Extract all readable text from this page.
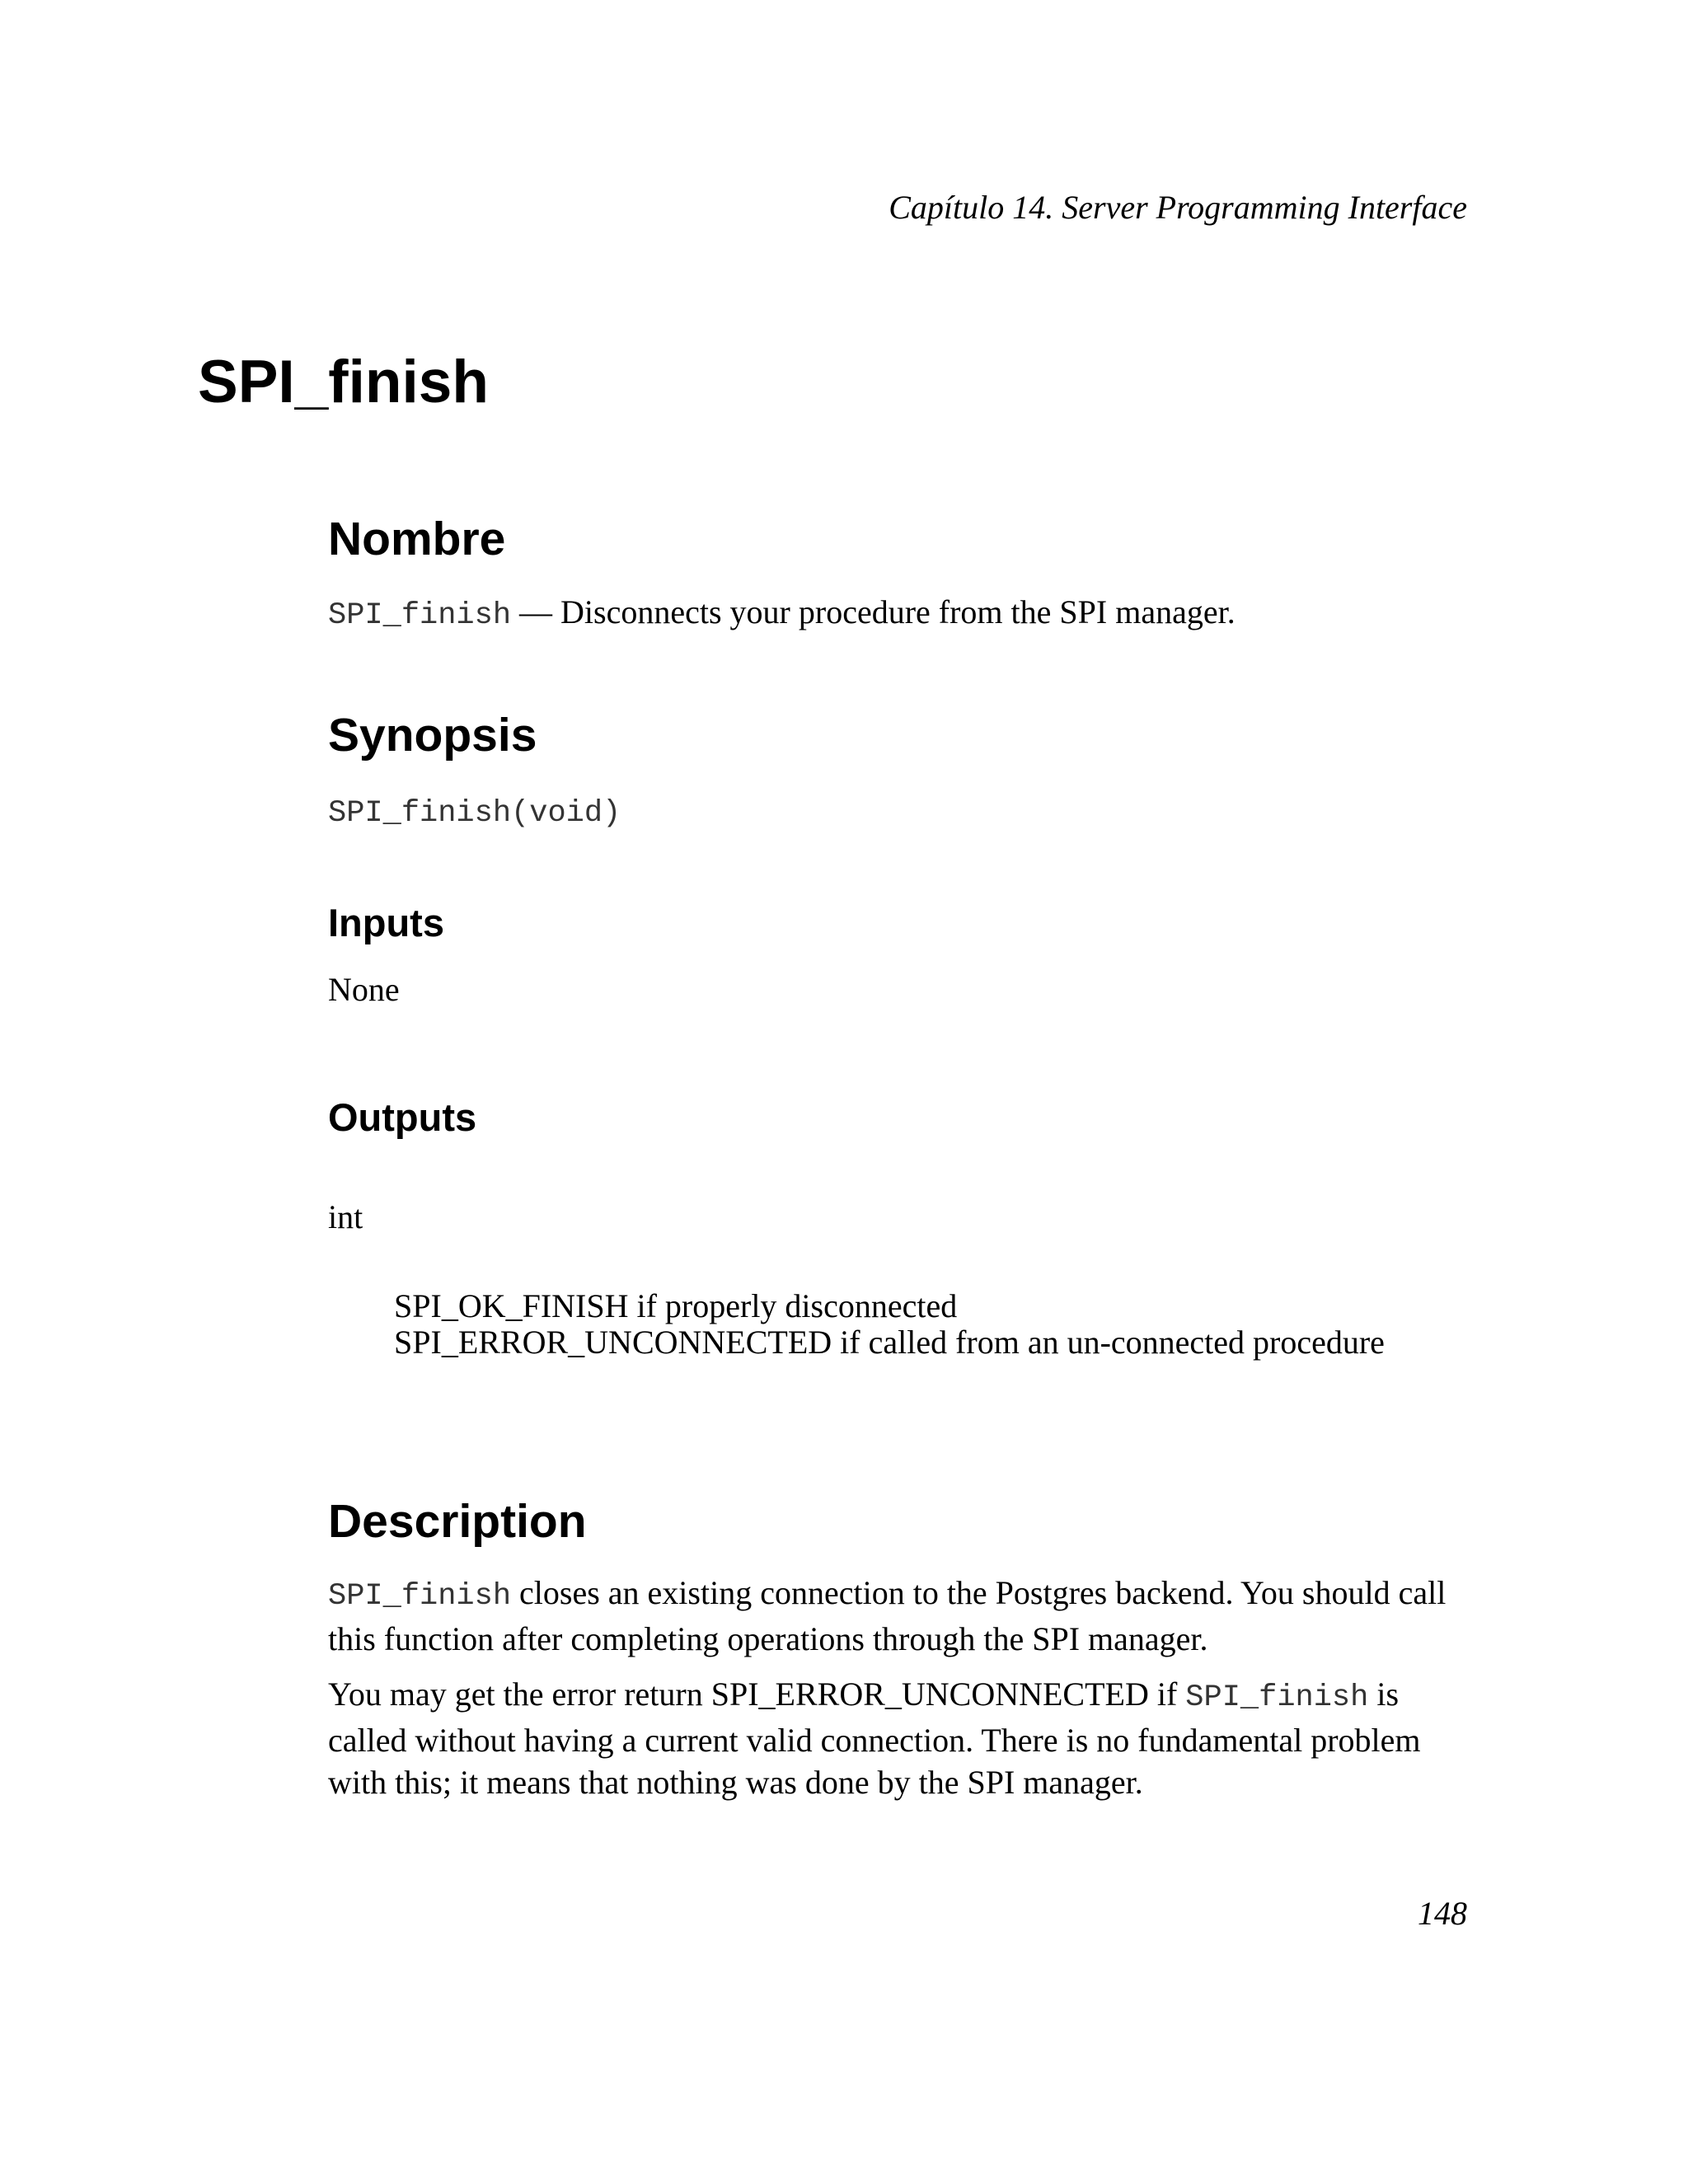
Capítulo 14. Server Programming Interface
SPI_finish
Nombre

SPI_finish — Disconnects your procedure from the SPI manager.

Synopsis
SPI_finish(void)
Inputs

None

Outputs

int

SPI_OK_FINISH if properly disconnected

SPI_ERROR_UNCONNECTED if called from an un-connected procedure

Description

SPI_finish closes an existing connection to the Postgres backend. You should call this function after completing operations through the SPI manager.

You may get the error return SPI_ERROR_UNCONNECTED if SPI_finish is called without having a current valid connection. There is no fundamental problem with this; it means that nothing was done by the SPI manager.

148
